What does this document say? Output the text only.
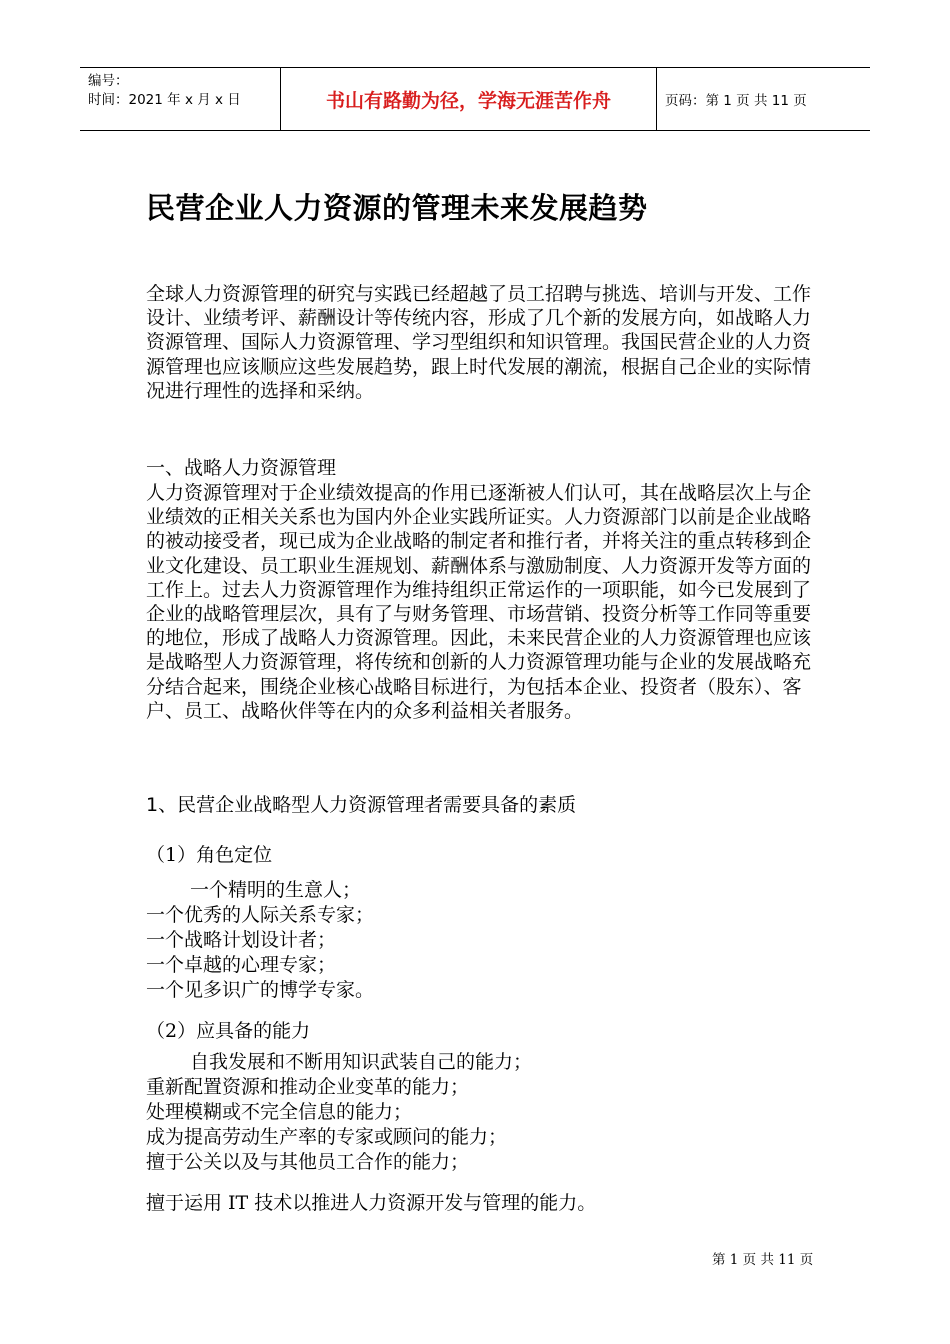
编号：
时间：2021 年 x 月 x 日	书山有路勤为径，学海无涯苦作舟	页码：第 1 页 共 11 页
民营企业人力资源的管理未来发展趋势
全球人力资源管理的研究与实践已经超越了员工招聘与挑选、培训与开发、工作设计、业绩考评、薪酬设计等传统内容，形成了几个新的发展方向，如战略人力资源管理、国际人力资源管理、学习型组织和知识管理。我国民营企业的人力资源管理也应该顺应这些发展趋势，跟上时代发展的潮流，根据自己企业的实际情况进行理性的选择和采纳。
一、战略人力资源管理
人力资源管理对于企业绩效提高的作用已逐渐被人们认可，其在战略层次上与企业绩效的正相关关系也为国内外企业实践所证实。人力资源部门以前是企业战略的被动接受者，现已成为企业战略的制定者和推行者，并将关注的重点转移到企业文化建设、员工职业生涯规划、薪酬体系与激励制度、人力资源开发等方面的工作上。过去人力资源管理作为维持组织正常运作的一项职能，如今已发展到了企业的战略管理层次，具有了与财务管理、市场营销、投资分析等工作同等重要的地位，形成了战略人力资源管理。因此，未来民营企业的人力资源管理也应该是战略型人力资源管理，将传统和创新的人力资源管理功能与企业的发展战略充分结合起来，围绕企业核心战略目标进行，为包括本企业、投资者（股东）、客户、员工、战略伙伴等在内的众多利益相关者服务。
1、民营企业战略型人力资源管理者需要具备的素质
（1）角色定位
一个精明的生意人；
一个优秀的人际关系专家；
一个战略计划设计者；
一个卓越的心理专家；
一个见多识广的博学专家。
（2）应具备的能力
自我发展和不断用知识武装自己的能力；
重新配置资源和推动企业变革的能力；
处理模糊或不完全信息的能力；
成为提高劳动生产率的专家或顾问的能力；
擅于公关以及与其他员工合作的能力；
擅于运用 IT 技术以推进人力资源开发与管理的能力。
第 1 页 共 11 页
